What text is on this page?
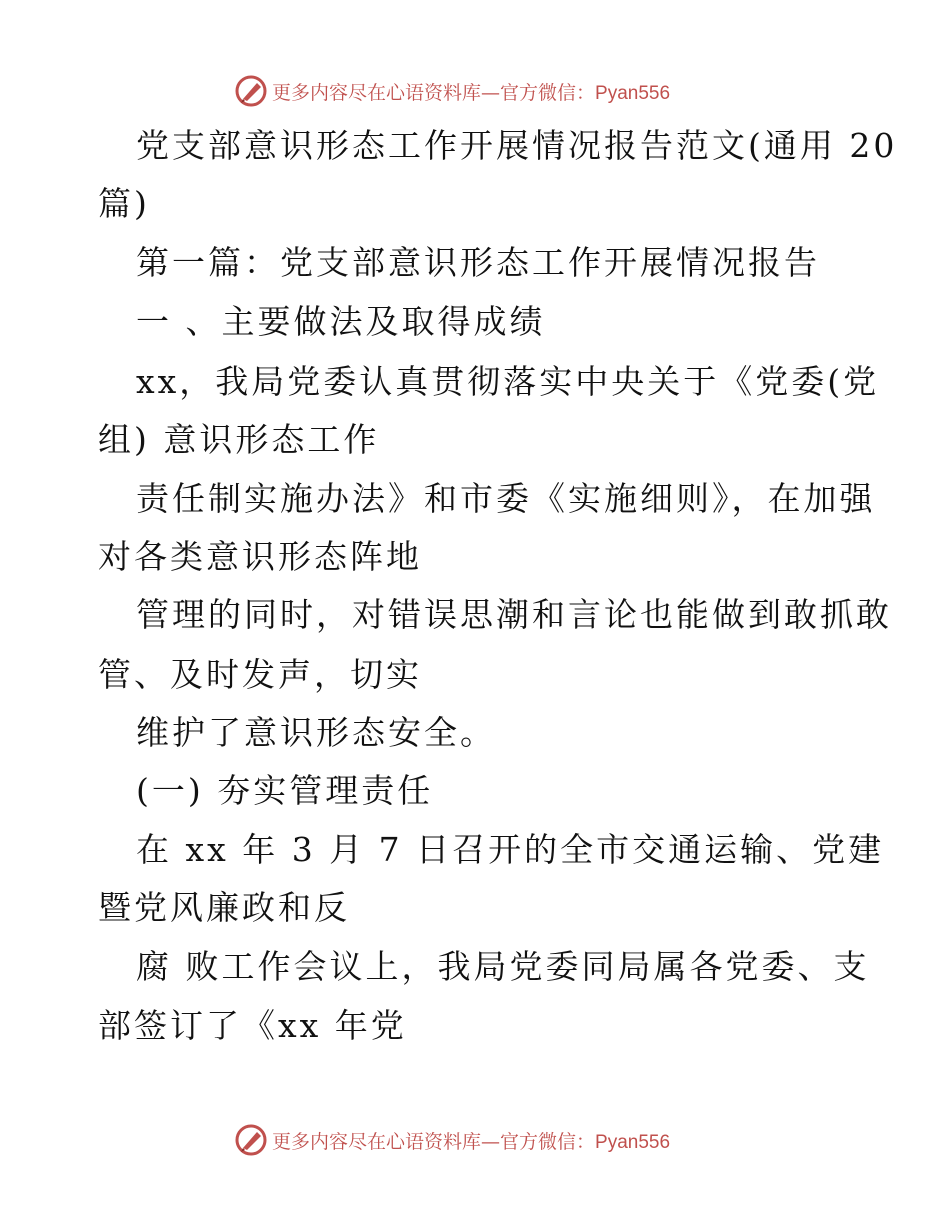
更多内容尽在心语资料库—官方微信：Pyan556
党支部意识形态工作开展情况报告范文(通用 20
篇)
第一篇：党支部意识形态工作开展情况报告
一 、主要做法及取得成绩
xx，我局党委认真贯彻落实中央关于《党委(党
组) 意识形态工作
责任制实施办法》和市委《实施细则》，在加强
对各类意识形态阵地
管理的同时，对错误思潮和言论也能做到敢抓敢
管、及时发声，切实
维护了意识形态安全。
(一) 夯实管理责任
在 xx 年 3 月 7 日召开的全市交通运输、党建
暨党风廉政和反
腐 败工作会议上，我局党委同局属各党委、支
部签订了《xx 年党
更多内容尽在心语资料库—官方微信：Pyan556
